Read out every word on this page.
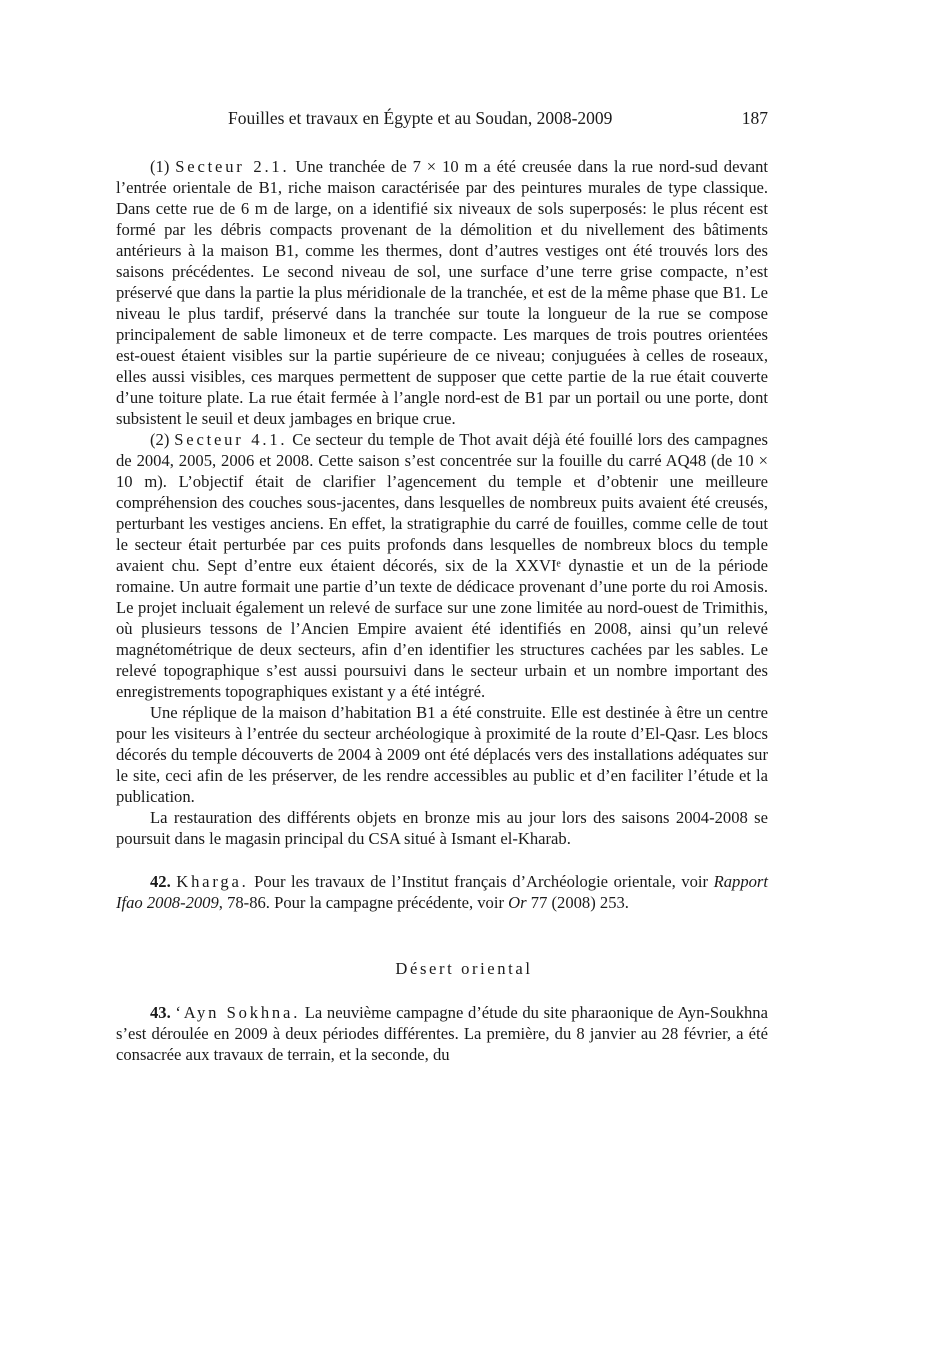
Fouilles et travaux en Égypte et au Soudan, 2008-2009	187

(1) Secteur 2.1. Une tranchée de 7 × 10 m a été creusée dans la rue nord-sud devant l’entrée orientale de B1, riche maison caractérisée par des peintures murales de type classique. Dans cette rue de 6 m de large, on a identifié six niveaux de sols superposés: le plus récent est formé par les débris compacts provenant de la démolition et du nivellement des bâtiments antérieurs à la maison B1, comme les thermes, dont d’autres vestiges ont été trouvés lors des saisons précédentes. Le second niveau de sol, une surface d’une terre grise compacte, n’est préservé que dans la partie la plus méridionale de la tranchée, et est de la même phase que B1. Le niveau le plus tardif, préservé dans la tranchée sur toute la longueur de la rue se compose principalement de sable limoneux et de terre compacte. Les marques de trois poutres orientées est-ouest étaient visibles sur la partie supérieure de ce niveau; conjuguées à celles de roseaux, elles aussi visibles, ces marques permettent de supposer que cette partie de la rue était couverte d’une toiture plate. La rue était fermée à l’angle nord-est de B1 par un portail ou une porte, dont subsistent le seuil et deux jambages en brique crue.

(2) Secteur 4.1. Ce secteur du temple de Thot avait déjà été fouillé lors des campagnes de 2004, 2005, 2006 et 2008. Cette saison s’est concentrée sur la fouille du carré AQ48 (de 10 × 10 m). L’objectif était de clarifier l’agencement du temple et d’obtenir une meilleure compréhension des couches sous-jacentes, dans lesquelles de nombreux puits avaient été creusés, perturbant les vestiges anciens. En effet, la stratigraphie du carré de fouilles, comme celle de tout le secteur était perturbée par ces puits profonds dans lesquelles de nombreux blocs du temple avaient chu. Sept d’entre eux étaient décorés, six de la XXVIᵉ dynastie et un de la période romaine. Un autre formait une partie d’un texte de dédicace provenant d’une porte du roi Amosis. Le projet incluait également un relevé de surface sur une zone limitée au nord-ouest de Trimithis, où plusieurs tessons de l’Ancien Empire avaient été identifiés en 2008, ainsi qu’un relevé magnétométrique de deux secteurs, afin d’en identifier les structures cachées par les sables. Le relevé topographique s’est aussi poursuivi dans le secteur urbain et un nombre important des enregistrements topographiques existant y a été intégré.

Une réplique de la maison d’habitation B1 a été construite. Elle est destinée à être un centre pour les visiteurs à l’entrée du secteur archéologique à proximité de la route d’El-Qasr. Les blocs décorés du temple découverts de 2004 à 2009 ont été déplacés vers des installations adéquates sur le site, ceci afin de les préserver, de les rendre accessibles au public et d’en faciliter l’étude et la publication.

La restauration des différents objets en bronze mis au jour lors des saisons 2004-2008 se poursuit dans le magasin principal du CSA situé à Ismant el-Kharab.

42. Kharga. Pour les travaux de l’Institut français d’Archéologie orientale, voir Rapport Ifao 2008-2009, 78-86. Pour la campagne précédente, voir Or 77 (2008) 253.

Désert oriental

43. ‘Ayn Sokhna. La neuvième campagne d’étude du site pharaonique de Ayn-Soukhna s’est déroulée en 2009 à deux périodes différentes. La première, du 8 janvier au 28 février, a été consacrée aux travaux de terrain, et la seconde, du
